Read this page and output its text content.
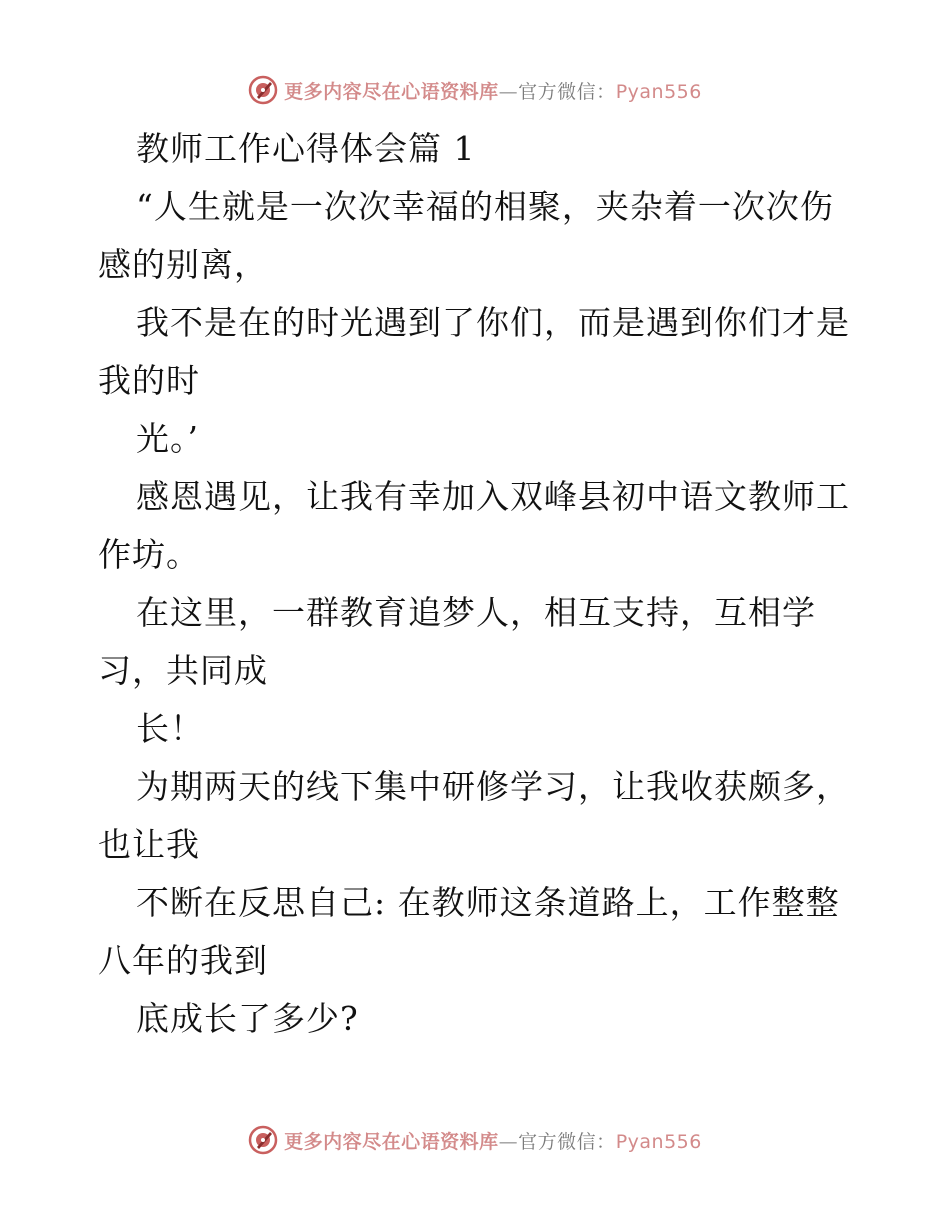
更多内容尽在心语资料库—官方微信：Pyan556
教师工作心得体会篇 1
“人生就是一次次幸福的相聚，夹杂着一次次伤
感的别离，
我不是在的时光遇到了你们，而是遇到你们才是
我的时
光。’
感恩遇见，让我有幸加入双峰县初中语文教师工
作坊。
在这里，一群教育追梦人，相互支持，互相学
习，共同成
长！
为期两天的线下集中研修学习，让我收获颇多，
也让我
不断在反思自己: 在教师这条道路上，工作整整
八年的我到
底成长了多少?
更多内容尽在心语资料库—官方微信：Pyan556
